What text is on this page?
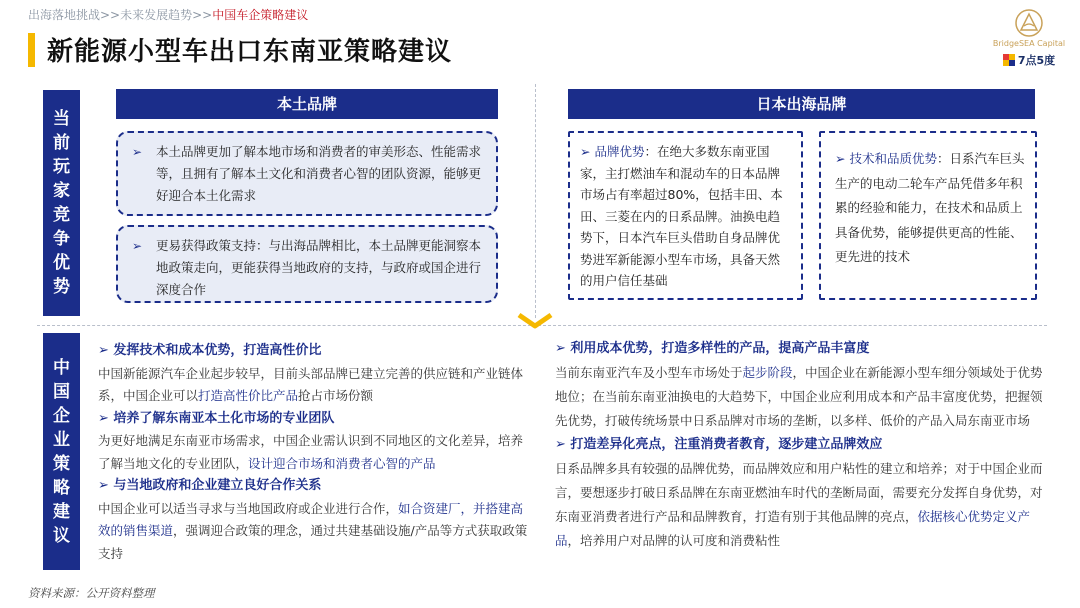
出海落地挑战>>未来发展趋势>>中国车企策略建议
新能源小型车出口东南亚策略建议	BridgeSEA Capital
7点5度
当前玩家竞争优势
中国企业策略建议
本土品牌	日本出海品牌
➢ 本土品牌更加了解本地市场和消费者的审美形态、性能需求等，且拥有了解本土文化和消费者心智的团队资源，能够更好迎合本土化需求
➢ 更易获得政策支持：与出海品牌相比，本土品牌更能洞察本地政策走向，更能获得当地政府的支持，与政府或国企进行深度合作
➢ 品牌优势：在绝大多数东南亚国家，主打燃油车和混动车的日本品牌市场占有率超过80%，包括丰田、本田、三菱在内的日系品牌。油换电趋势下，日本汽车巨头借助自身品牌优势进军新能源小型车市场，具备天然的用户信任基础
➢ 技术和品质优势：日系汽车巨头生产的电动二轮车产品凭借多年积累的经验和能力，在技术和品质上具备优势，能够提供更高的性能、更先进的技术
➢ 发挥技术和成本优势，打造高性价比
中国新能源汽车企业起步较早，目前头部品牌已建立完善的供应链和产业链体系，中国企业可以打造高性价比产品抢占市场份额
➢ 培养了解东南亚本土化市场的专业团队
为更好地满足东南亚市场需求，中国企业需认识到不同地区的文化差异，培养了解当地文化的专业团队，设计迎合市场和消费者心智的产品
➢ 与当地政府和企业建立良好合作关系
中国企业可以适当寻求与当地国政府或企业进行合作，如合资建厂，并搭建高效的销售渠道，强调迎合政策的理念，通过共建基础设施/产品等方式获取政策支持
➢ 利用成本优势，打造多样性的产品，提高产品丰富度
当前东南亚汽车及小型车市场处于起步阶段，中国企业在新能源小型车细分领域处于优势地位；在当前东南亚油换电的大趋势下，中国企业应利用成本和产品丰富度优势，把握领先优势，打破传统场景中日系品牌对市场的垄断，以多样、低价的产品入局东南亚市场
➢ 打造差异化亮点，注重消费者教育，逐步建立品牌效应
日系品牌多具有较强的品牌优势，而品牌效应和用户粘性的建立和培养；对于中国企业而言，要想逐步打破日系品牌在东南亚燃油车时代的垄断局面，需要充分发挥自身优势，对东南亚消费者进行产品和品牌教育，打造有别于其他品牌的亮点，依据核心优势定义产品，培养用户对品牌的认可度和消费粘性
资料来源：公开资料整理
